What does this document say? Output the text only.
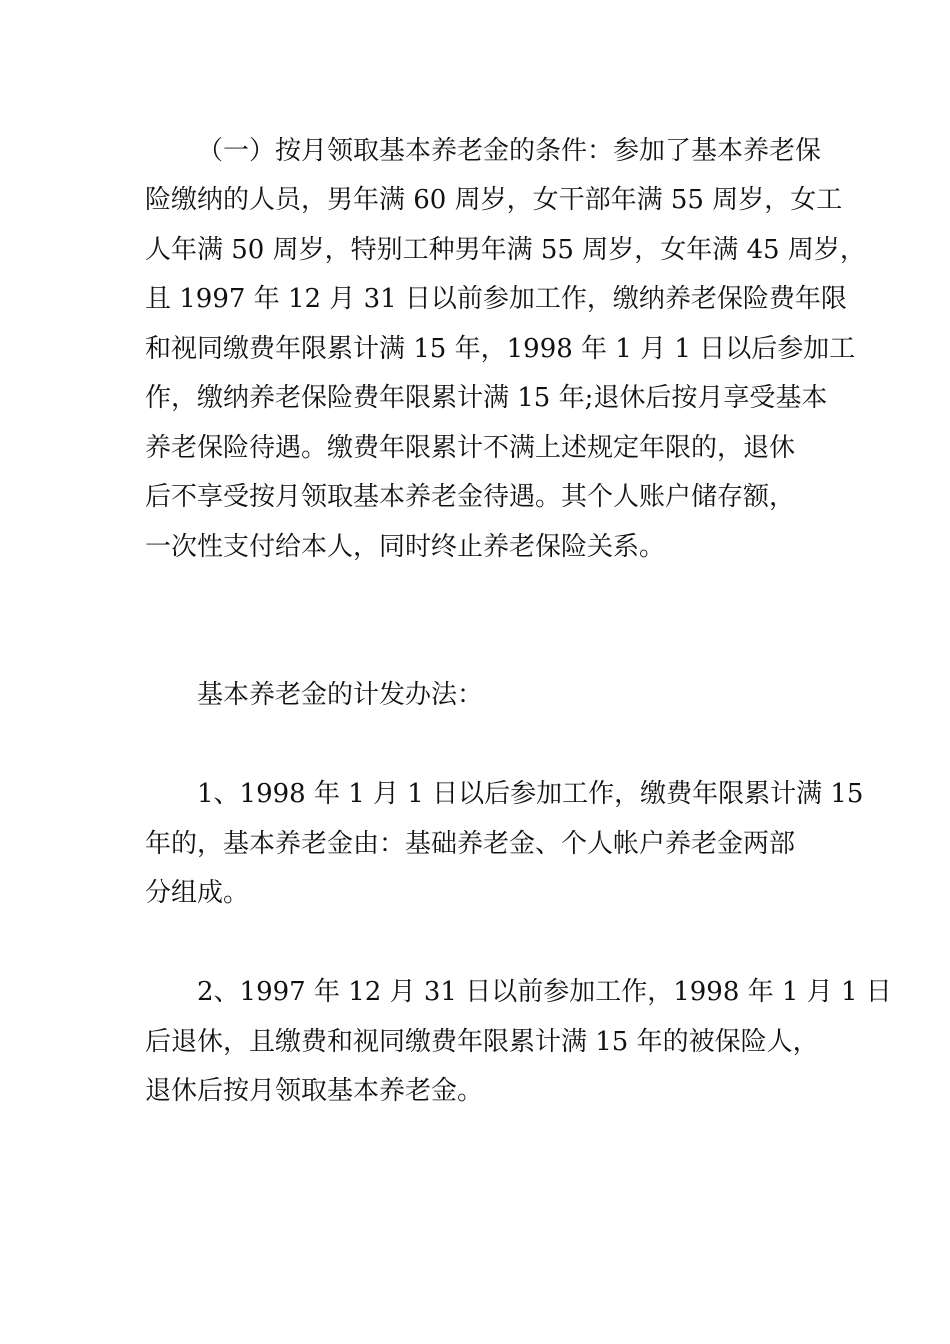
（一）按月领取基本养老金的条件：参加了基本养老保
险缴纳的人员，男年满 60 周岁，女干部年满 55 周岁，女工
人年满 50 周岁，特别工种男年满 55 周岁，女年满 45 周岁，
且 1997 年 12 月 31 日以前参加工作，缴纳养老保险费年限
和视同缴费年限累计满 15 年，1998 年 1 月 1 日以后参加工
作，缴纳养老保险费年限累计满 15 年;退休后按月享受基本
养老保险待遇。缴费年限累计不满上述规定年限的，退休
后不享受按月领取基本养老金待遇。其个人账户储存额，
一次性支付给本人，同时终止养老保险关系。
基本养老金的计发办法：
1、1998 年 1 月 1 日以后参加工作，缴费年限累计满 15
年的，基本养老金由：基础养老金、个人帐户养老金两部
分组成。
2、1997 年 12 月 31 日以前参加工作，1998 年 1 月 1 日
后退休，且缴费和视同缴费年限累计满 15 年的被保险人，
退休后按月领取基本养老金。
